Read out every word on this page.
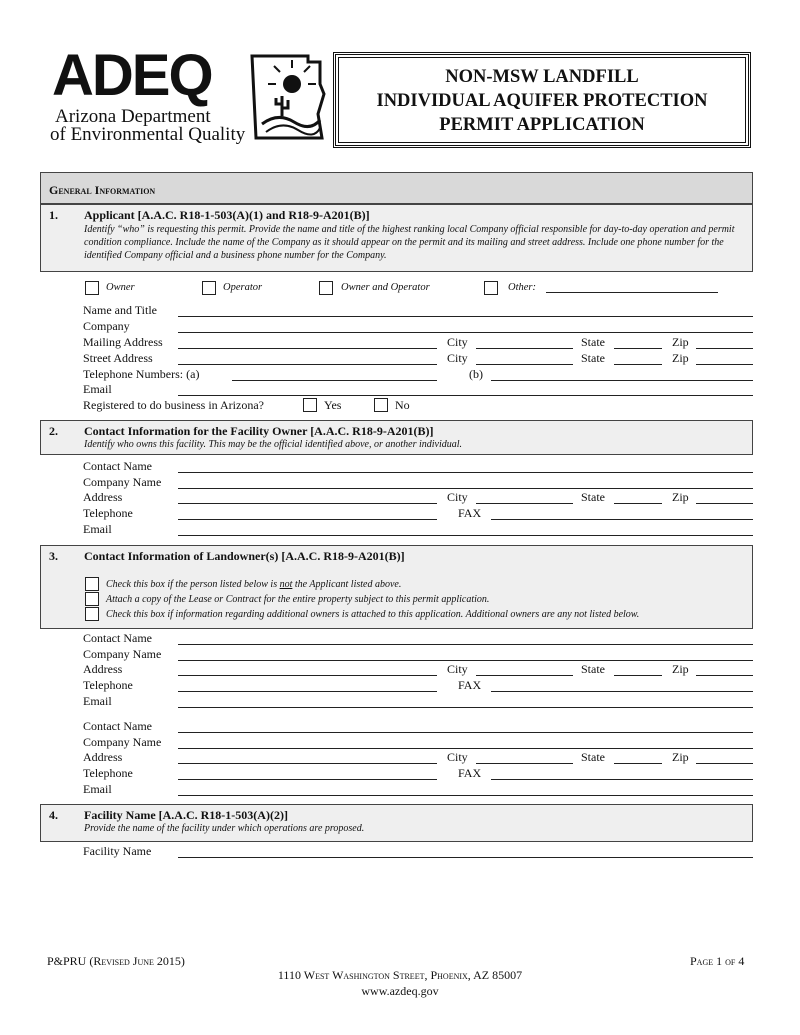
ADEQ
Arizona Department
of Environmental Quality
NON-MSW LANDFILL
INDIVIDUAL AQUIFER PROTECTION
PERMIT APPLICATION
General Information
1. Applicant [A.A.C. R18-1-503(A)(1) and R18-9-A201(B)]
Identify “who” is requesting this permit. Provide the name and title of the highest ranking local Company official responsible for day-to-day operation and permit condition compliance. Include the name of the Company as it should appear on the permit and its mailing and street address. Include one phone number for the identified Company official and a business phone number for the Company.
Owner	Operator	Owner and Operator	Other:
Name and Title
Company
Mailing Address	City	State	Zip
Street Address	City	State	Zip
Telephone Numbers: (a)	(b)
Email
Registered to do business in Arizona?	Yes	No
2. Contact Information for the Facility Owner [A.A.C. R18-9-A201(B)]
Identify who owns this facility. This may be the official identified above, or another individual.
Contact Name
Company Name
Address	City	State	Zip
Telephone	FAX
Email
3. Contact Information of Landowner(s) [A.A.C. R18-9-A201(B)]
Check this box if the person listed below is not the Applicant listed above.
Attach a copy of the Lease or Contract for the entire property subject to this permit application.
Check this box if information regarding additional owners is attached to this application. Additional owners are any not listed below.
Contact Name
Company Name
Address	City	State	Zip
Telephone	FAX
Email
Contact Name
Company Name
Address	City	State	Zip
Telephone	FAX
Email
4. Facility Name [A.A.C. R18-1-503(A)(2)]
Provide the name of the facility under which operations are proposed.
Facility Name
P&PRU (Revised June 2015)	Page 1 of 4
1110 West Washington Street, Phoenix, AZ 85007
www.azdeq.gov
